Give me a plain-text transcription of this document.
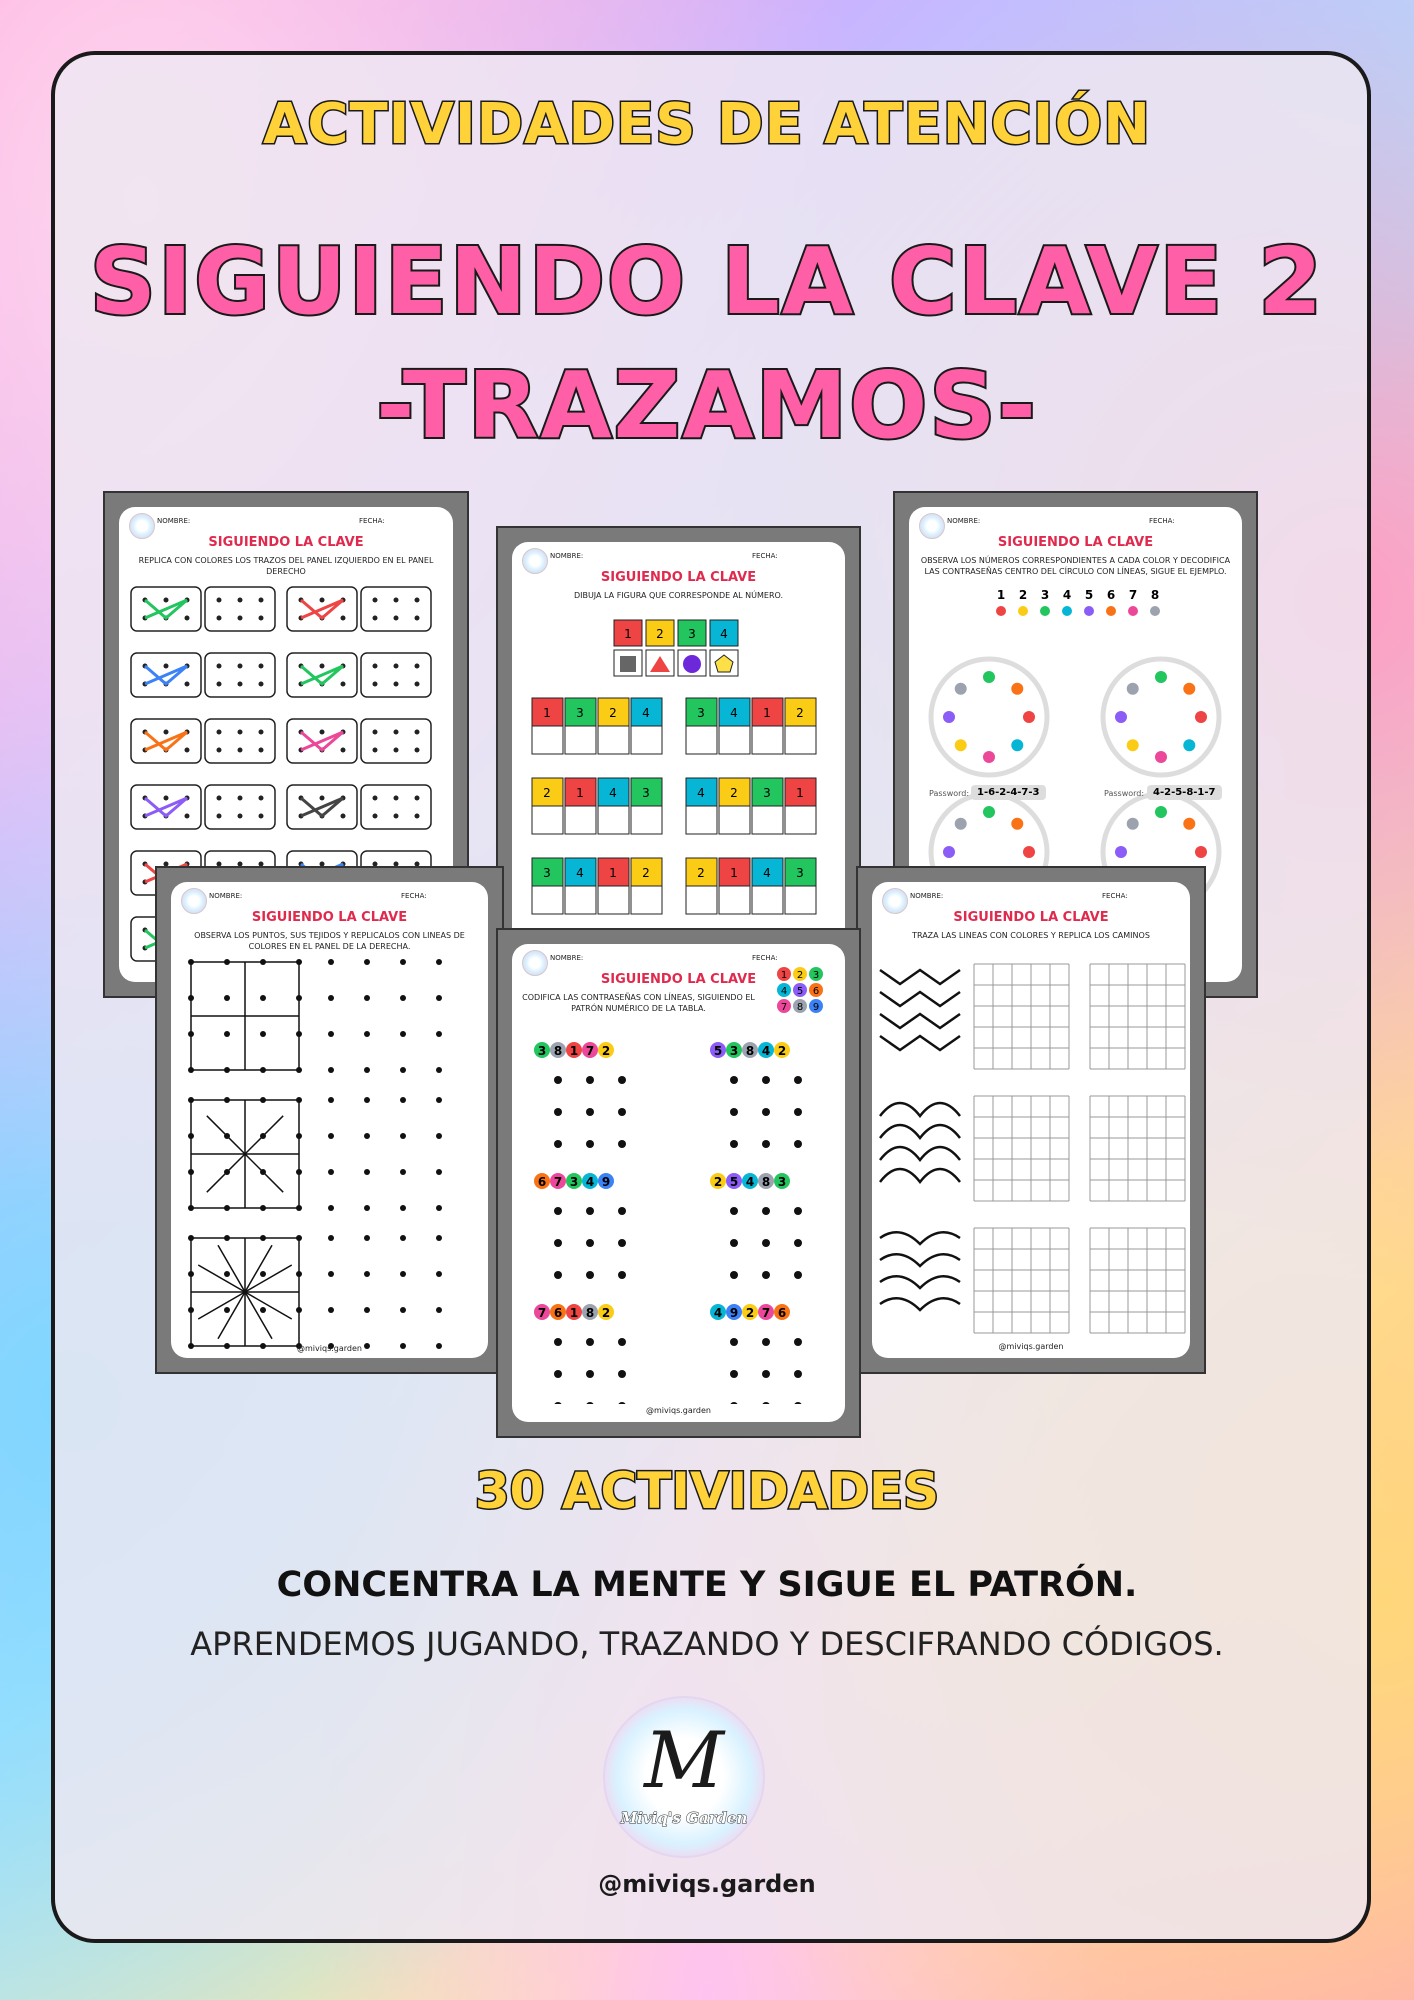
ACTIVIDADES DE ATENCIÓN
SIGUIENDO LA CLAVE 2
-TRAZAMOS-
NOMBRE:	FECHA:
SIGUIENDO LA CLAVE
REPLICA CON COLORES LOS TRAZOS DEL PANEL IZQUIERDO EN EL PANEL DERECHO
NOMBRE:	FECHA:
SIGUIENDO LA CLAVE
OBSERVA LOS NÚMEROS CORRESPONDIENTES A CADA COLOR Y DECODIFICA LAS CONTRASEÑAS CENTRO DEL CÍRCULO CON LÍNEAS, SIGUE EL EJEMPLO.
1 2 3 4 5 6 7 8
Password: 1-6-2-4-7-3	Password: 4-2-5-8-1-7
NOMBRE:	FECHA:
SIGUIENDO LA CLAVE
DIBUJA LA FIGURA QUE CORRESPONDE AL NÚMERO.
1 2 3 4
1 3 2 4	3 4 1 2
2 1 4 3	4 2 3 1
3 4 1 2	2 1 4 3
NOMBRE:	FECHA:
SIGUIENDO LA CLAVE
OBSERVA LOS PUNTOS, SUS TEJIDOS Y REPLICALOS CON LINEAS DE COLORES EN EL PANEL DE LA DERECHA.
@miviqs.garden
NOMBRE:	FECHA:
SIGUIENDO LA CLAVE
TRAZA LAS LINEAS CON COLORES Y REPLICA LOS CAMINOS
@miviqs.garden
NOMBRE:	FECHA:
SIGUIENDO LA CLAVE
CODIFICA LAS CONTRASEÑAS CON LÍNEAS, SIGUIENDO EL PATRÓN NUMÉRICO DE LA TABLA.
1 2 3
4 5 6
7 8 9
3 8 1 7 2	5 3 8 4 2
6 7 3 4 9	2 5 4 8 3
7 6 1 8 2	4 9 2 7 6
@miviqs.garden
30 ACTIVIDADES
CONCENTRA LA MENTE Y SIGUE EL PATRÓN.
APRENDEMOS JUGANDO, TRAZANDO Y DESCIFRANDO CÓDIGOS.
M
Miviq's Garden
@miviqs.garden
